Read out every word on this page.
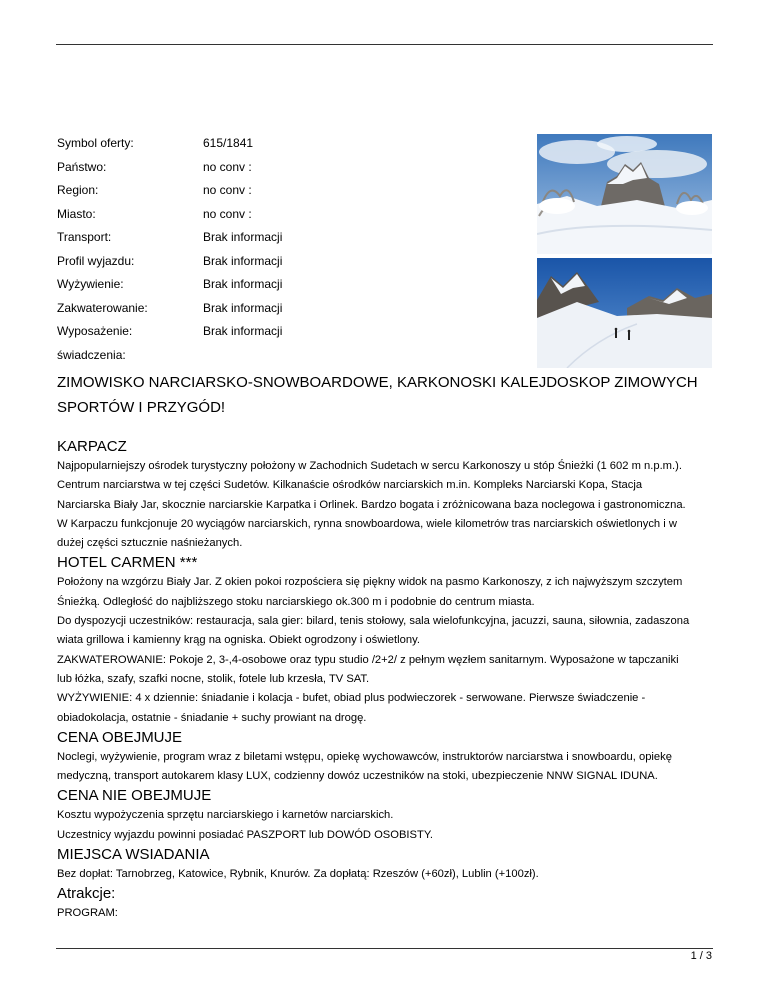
Symbol oferty:	615/1841
Państwo:	no conv :
Region:	no conv :
Miasto:	no conv :
Transport:	Brak informacji
Profil wyjazdu:	Brak informacji
Wyżywienie:	Brak informacji
Zakwaterowanie:	Brak informacji
Wyposażenie:	Brak informacji
świadczenia:
ZIMOWISKO NARCIARSKO-SNOWBOARDOWE, KARKONOSKI KALEJDOSKOP ZIMOWYCH SPORTÓW I PRZYGÓD!
KARPACZ

Najpopularniejszy ośrodek turystyczny położony w Zachodnich Sudetach w sercu Karkonoszy u stóp Śnieżki (1 602 m n.p.m.).
Centrum narciarstwa w tej części Sudetów. Kilkanaście ośrodków narciarskich m.in. Kompleks Narciarski Kopa, Stacja
Narciarska Biały Jar, skocznie narciarskie Karpatka i Orlinek. Bardzo bogata i zróżnicowana baza noclegowa i gastronomiczna.
W Karpaczu funkcjonuje 20 wyciągów narciarskich, rynna snowboardowa, wiele kilometrów tras narciarskich oświetlonych i w
dużej części sztucznie naśnieżanych.

HOTEL CARMEN ***

Położony na wzgórzu Biały Jar. Z okien pokoi rozpościera się piękny widok na pasmo Karkonoszy, z ich najwyższym szczytem
Śnieżką. Odległość do najbliższego stoku narciarskiego ok.300 m i podobnie do centrum miasta.
Do dyspozycji uczestników: restauracja, sala gier: bilard, tenis stołowy, sala wielofunkcyjna, jacuzzi, sauna, siłownia, zadaszona
wiata grillowa i kamienny krąg na ogniska. Obiekt ogrodzony i oświetlony.
ZAKWATEROWANIE: Pokoje 2, 3-,4-osobowe oraz typu studio /2+2/ z pełnym węzłem sanitarnym. Wyposażone w tapczaniki
lub łóżka, szafy, szafki nocne, stolik, fotele lub krzesła, TV SAT.
WYŻYWIENIE: 4 x dziennie: śniadanie i kolacja - bufet, obiad plus podwieczorek - serwowane. Pierwsze świadczenie -
obiadokolacja, ostatnie - śniadanie + suchy prowiant na drogę.

CENA OBEJMUJE

Noclegi, wyżywienie, program wraz z biletami wstępu, opiekę wychowawców, instruktorów narciarstwa i snowboardu, opiekę
medyczną, transport autokarem klasy LUX, codzienny dowóz uczestników na stoki, ubezpieczenie NNW SIGNAL IDUNA.

CENA NIE OBEJMUJE

Kosztu wypożyczenia sprzętu narciarskiego i karnetów narciarskich.
Uczestnicy wyjazdu powinni posiadać PASZPORT lub DOWÓD OSOBISTY.

MIEJSCA WSIADANIA

Bez dopłat: Tarnobrzeg, Katowice, Rybnik, Knurów. Za dopłatą: Rzeszów (+60zł), Lublin (+100zł).

Atrakcje:

PROGRAM:

1 / 3
